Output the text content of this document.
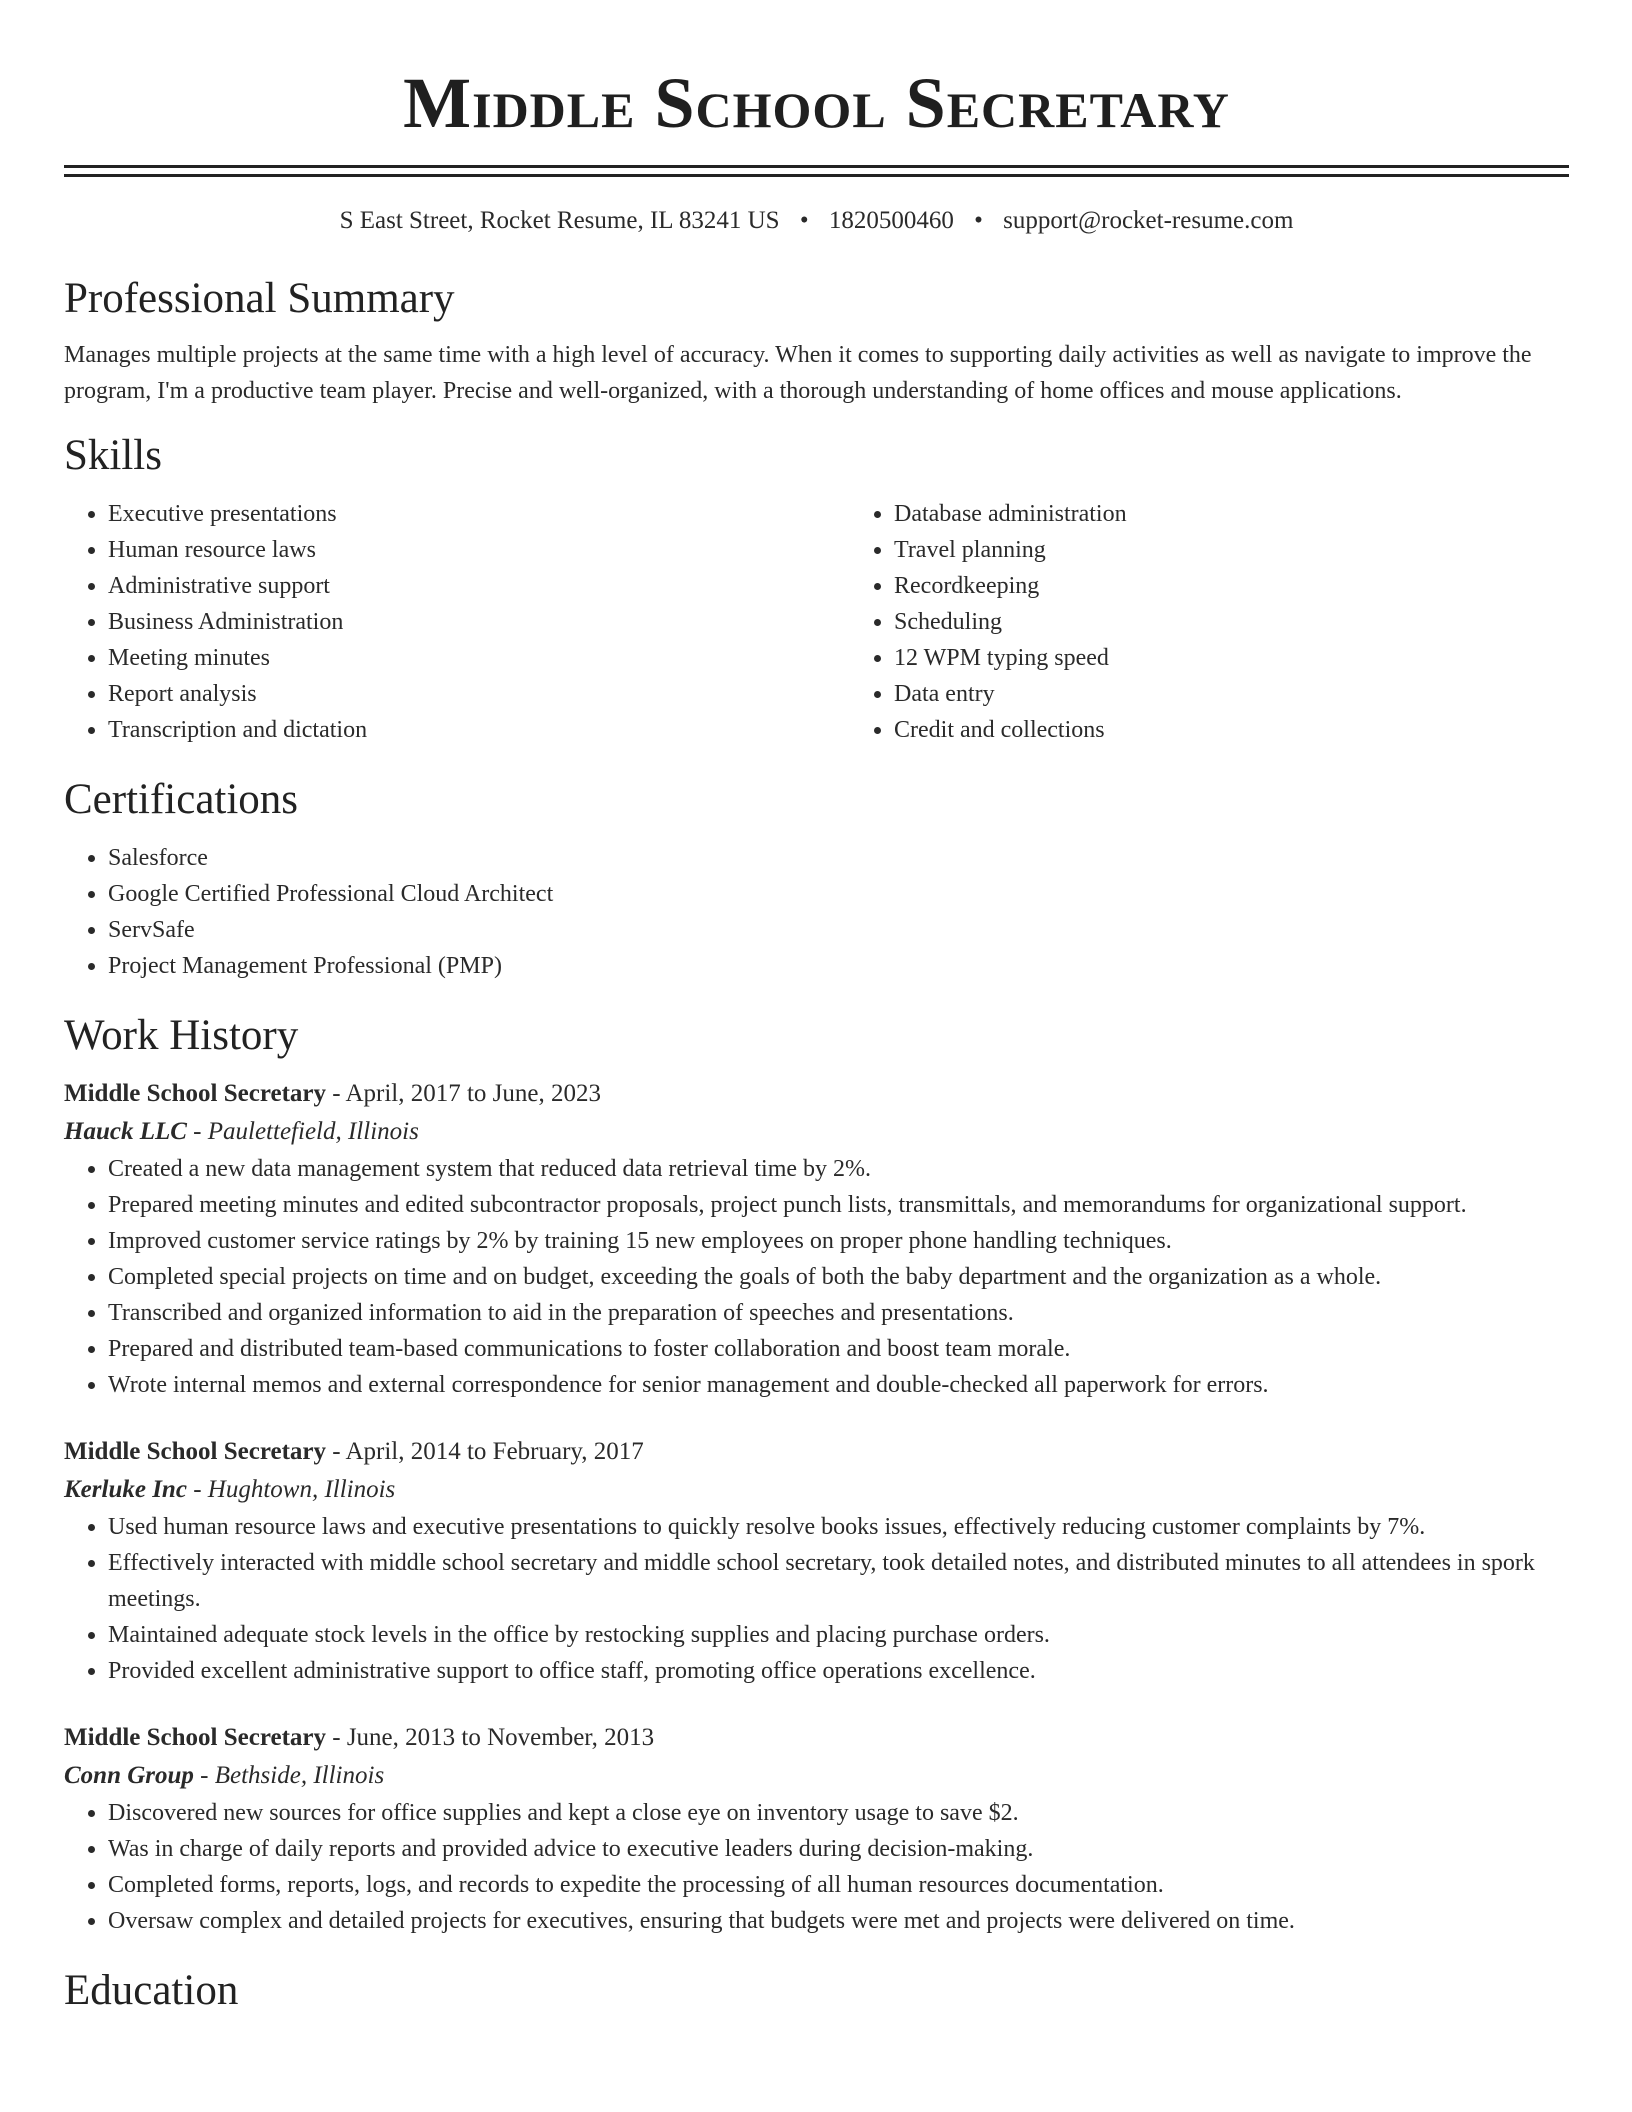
Middle School Secretary
S East Street, Rocket Resume, IL 83241 US • 1820500460 • support@rocket-resume.com
Professional Summary

Manages multiple projects at the same time with a high level of accuracy. When it comes to supporting daily activities as well as navigate to improve the program, I'm a productive team player. Precise and well-organized, with a thorough understanding of home offices and mouse applications.

Skills
• Executive presentations
• Human resource laws
• Administrative support
• Business Administration
• Meeting minutes
• Report analysis
• Transcription and dictation
• Database administration
• Travel planning
• Recordkeeping
• Scheduling
• 12 WPM typing speed
• Data entry
• Credit and collections
Certifications
• Salesforce
• Google Certified Professional Cloud Architect
• ServSafe
• Project Management Professional (PMP)
Work History
Middle School Secretary - April, 2017 to June, 2023
Hauck LLC - Paulettefield, Illinois
• Created a new data management system that reduced data retrieval time by 2%.
• Prepared meeting minutes and edited subcontractor proposals, project punch lists, transmittals, and memorandums for organizational support.
• Improved customer service ratings by 2% by training 15 new employees on proper phone handling techniques.
• Completed special projects on time and on budget, exceeding the goals of both the baby department and the organization as a whole.
• Transcribed and organized information to aid in the preparation of speeches and presentations.
• Prepared and distributed team-based communications to foster collaboration and boost team morale.
• Wrote internal memos and external correspondence for senior management and double-checked all paperwork for errors.
Middle School Secretary - April, 2014 to February, 2017
Kerluke Inc - Hughtown, Illinois
• Used human resource laws and executive presentations to quickly resolve books issues, effectively reducing customer complaints by 7%.
• Effectively interacted with middle school secretary and middle school secretary, took detailed notes, and distributed minutes to all attendees in spork meetings.
• Maintained adequate stock levels in the office by restocking supplies and placing purchase orders.
• Provided excellent administrative support to office staff, promoting office operations excellence.
Middle School Secretary - June, 2013 to November, 2013
Conn Group - Bethside, Illinois
• Discovered new sources for office supplies and kept a close eye on inventory usage to save $2.
• Was in charge of daily reports and provided advice to executive leaders during decision-making.
• Completed forms, reports, logs, and records to expedite the processing of all human resources documentation.
• Oversaw complex and detailed projects for executives, ensuring that budgets were met and projects were delivered on time.
Education
